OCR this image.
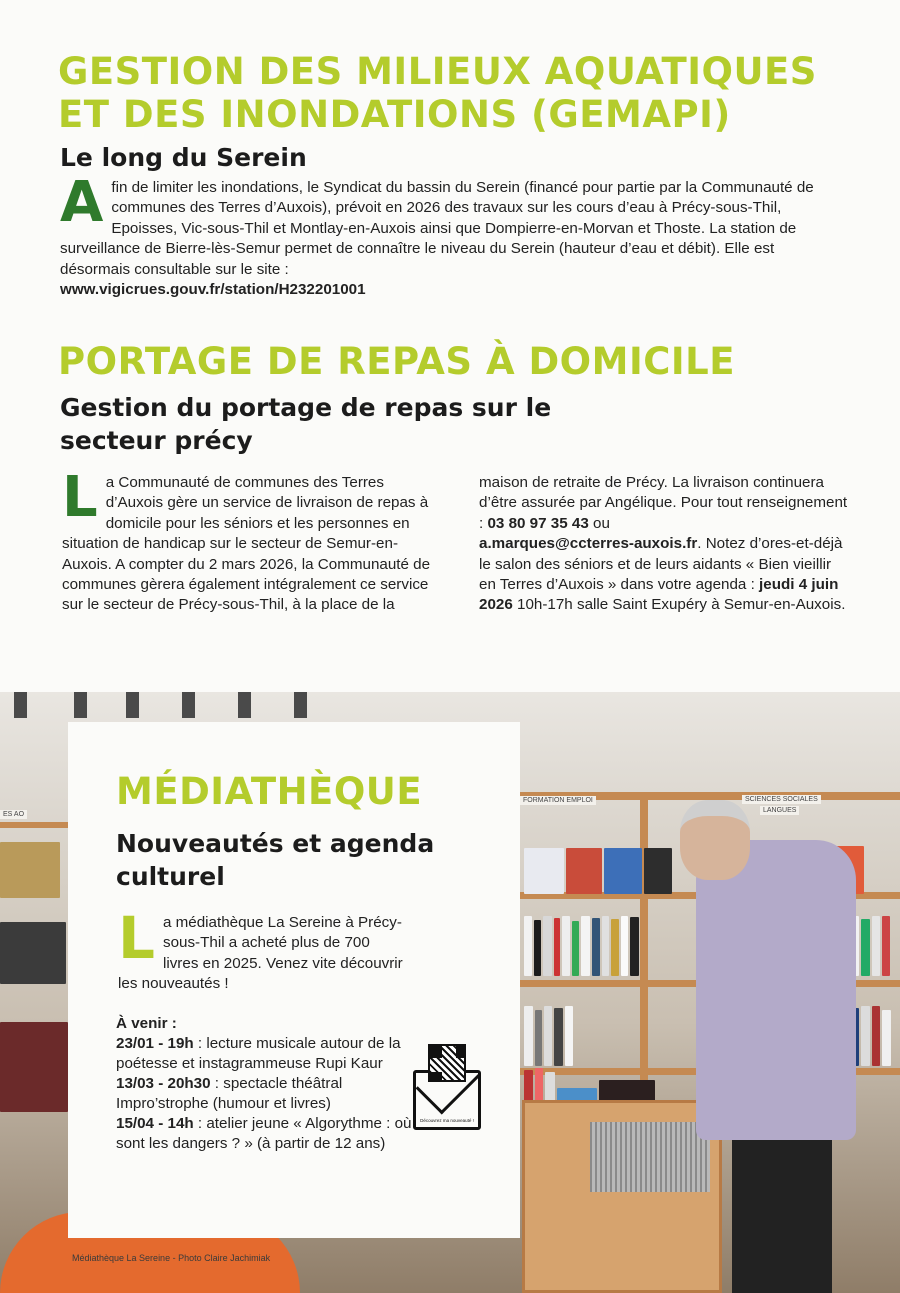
GESTION DES MILIEUX AQUATIQUES
ET DES INONDATIONS (GEMAPI)
Le long du Serein
A fin de limiter les inondations, le Syndicat du bassin du Serein (financé pour partie par la Communauté de communes des Terres d’Auxois), prévoit en 2026 des travaux sur les cours d’eau à Précy-sous-Thil, Epoisses, Vic-sous-Thil et Montlay-en-Auxois ainsi que Dompierre-en-Morvan et Thoste. La station de surveillance de Bierre-lès-Semur permet de connaître le niveau du Serein (hauteur d’eau et débit). Elle est désormais consultable sur le site :
www.vigicrues.gouv.fr/station/H232201001
PORTAGE DE REPAS À DOMICILE
Gestion du portage de repas sur le secteur précy
L a Communauté de communes des Terres d’Auxois gère un service de livraison de repas à domicile pour les séniors et les personnes en situation de handicap sur le secteur de Semur-en-Auxois. A compter du 2 mars 2026, la Communauté de communes gèrera également intégralement ce service sur le secteur de Précy-sous-Thil, à la place de la
maison de retraite de Précy. La livraison continuera d’être assurée par Angélique. Pour tout renseignement : 03 80 97 35 43 ou
a.marques@ccterres-auxois.fr. Notez d’ores-et-déjà le salon des séniors et de leurs aidants « Bien vieillir en Terres d’Auxois » dans votre agenda : jeudi 4 juin 2026 10h-17h salle Saint Exupéry à Semur-en-Auxois.
FORMATION EMPLOI	SCIENCES SOCIALES
LANGUES
ES AO
MÉDIATHÈQUE
Nouveautés et agenda culturel
L a médiathèque La Sereine à Précy-sous-Thil a acheté plus de 700 livres en 2025. Venez vite découvrir les nouveautés !
À venir :
23/01 - 19h : lecture musicale autour de la poétesse et instagrammeuse Rupi Kaur
13/03 - 20h30 : spectacle théâtral Impro’strophe (humour et livres)
15/04 - 14h : atelier jeune « Algorythme : où sont les dangers ? » (à partir de 12 ans)
Découvrez ma nouveauté !
Médiathèque La Sereine - Photo Claire Jachimiak
